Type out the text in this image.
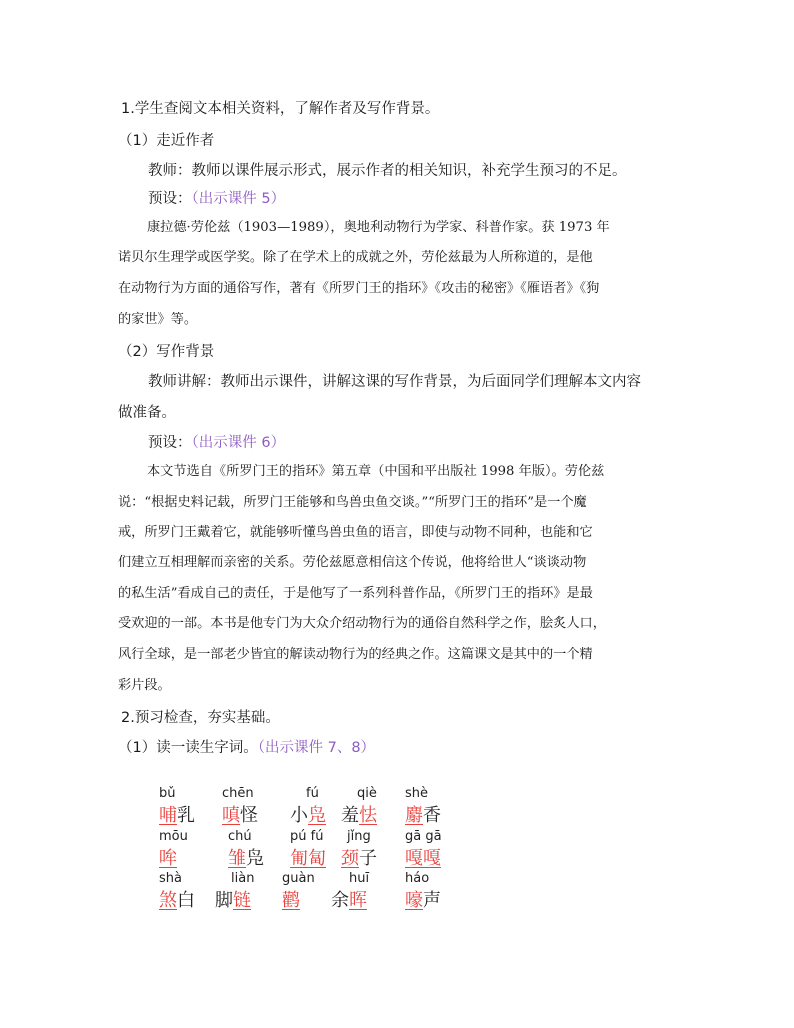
1.学生查阅文本相关资料，了解作者及写作背景。
（1）走近作者
教师：教师以课件展示形式，展示作者的相关知识，补充学生预习的不足。
预设：（出示课件 5）
康拉德·劳伦兹（1903—1989），奥地利动物行为学家、科普作家。获 1973 年
诺贝尔生理学或医学奖。除了在学术上的成就之外，劳伦兹最为人所称道的，是他
在动物行为方面的通俗写作，著有《所罗门王的指环》《攻击的秘密》《雁语者》《狗
的家世》等。
（2）写作背景
教师讲解：教师出示课件，讲解这课的写作背景，为后面同学们理解本文内容
做准备。
预设：（出示课件 6）
本文节选自《所罗门王的指环》第五章（中国和平出版社 1998 年版）。劳伦兹
说：“根据史料记载，所罗门王能够和鸟兽虫鱼交谈。”“所罗门王的指环”是一个魔
戒，所罗门王戴着它，就能够听懂鸟兽虫鱼的语言，即使与动物不同种，也能和它
们建立互相理解而亲密的关系。劳伦兹愿意相信这个传说，他将给世人“谈谈动物
的私生活”看成自己的责任，于是他写了一系列科普作品，《所罗门王的指环》是最
受欢迎的一部。本书是他专门为大众介绍动物行为的通俗自然科学之作，脍炙人口，
风行全球，是一部老少皆宜的解读动物行为的经典之作。这篇课文是其中的一个精
彩片段。
2.预习检查，夯实基础。
（1）读一读生字词。（出示课件 7、8）
bǔ
哺乳
chēn
嗔怪
fú
小凫
qiè
羞怯
shè
麝香
mōu
哞
chú
雏凫
pú fú
匍匐
jǐng
颈子
gā gā
嘎嘎
shà
煞白
liàn
脚链
guàn
鹳
huī
余晖
háo
嚎声
